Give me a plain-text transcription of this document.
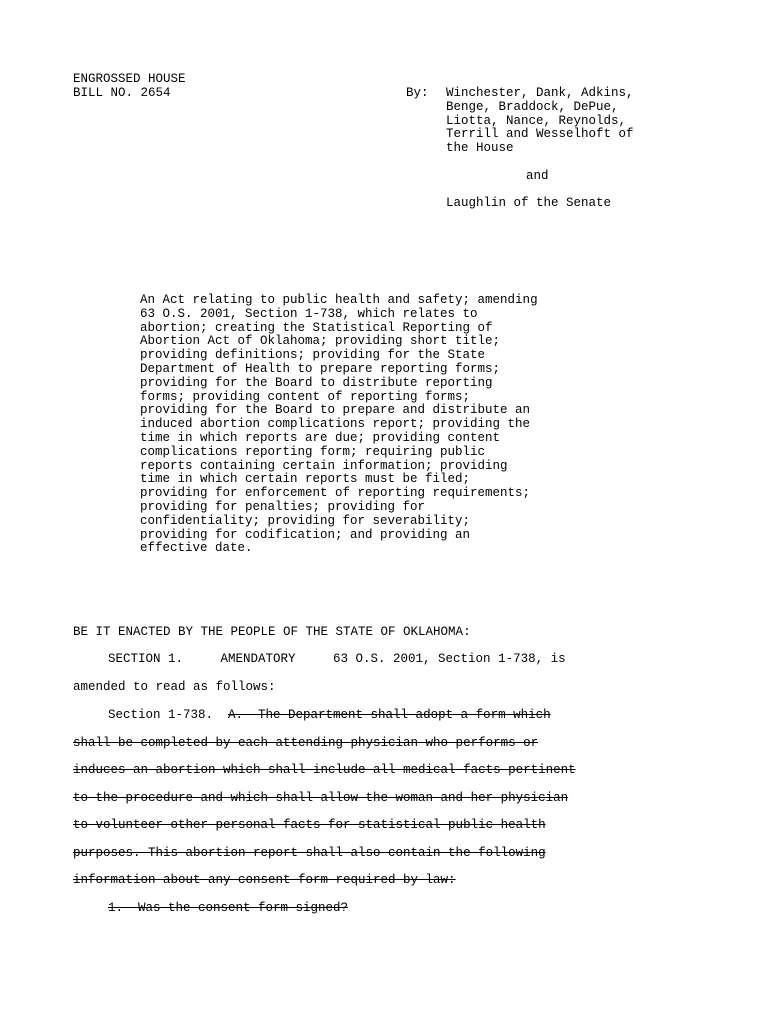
ENGROSSED HOUSE
BILL NO. 2654	By: Winchester, Dank, Adkins,
Benge, Braddock, DePue,
Liotta, Nance, Reynolds,
Terrill and Wesselhoft of
the House
and
Laughlin of the Senate
An Act relating to public health and safety; amending
63 O.S. 2001, Section 1-738, which relates to
abortion; creating the Statistical Reporting of
Abortion Act of Oklahoma; providing short title;
providing definitions; providing for the State
Department of Health to prepare reporting forms;
providing for the Board to distribute reporting
forms; providing content of reporting forms;
providing for the Board to prepare and distribute an
induced abortion complications report; providing the
time in which reports are due; providing content
complications reporting form; requiring public
reports containing certain information; providing
time in which certain reports must be filed;
providing for enforcement of reporting requirements;
providing for penalties; providing for
confidentiality; providing for severability;
providing for codification; and providing an
effective date.
BE IT ENACTED BY THE PEOPLE OF THE STATE OF OKLAHOMA:
SECTION 1.     AMENDATORY     63 O.S. 2001, Section 1-738, is
amended to read as follows:
Section 1-738.  A.  The Department shall adopt a form which
shall be completed by each attending physician who performs or
induces an abortion which shall include all medical facts pertinent
to the procedure and which shall allow the woman and her physician
to volunteer other personal facts for statistical public health
purposes. This abortion report shall also contain the following
information about any consent form required by law:
1.  Was the consent form signed?
